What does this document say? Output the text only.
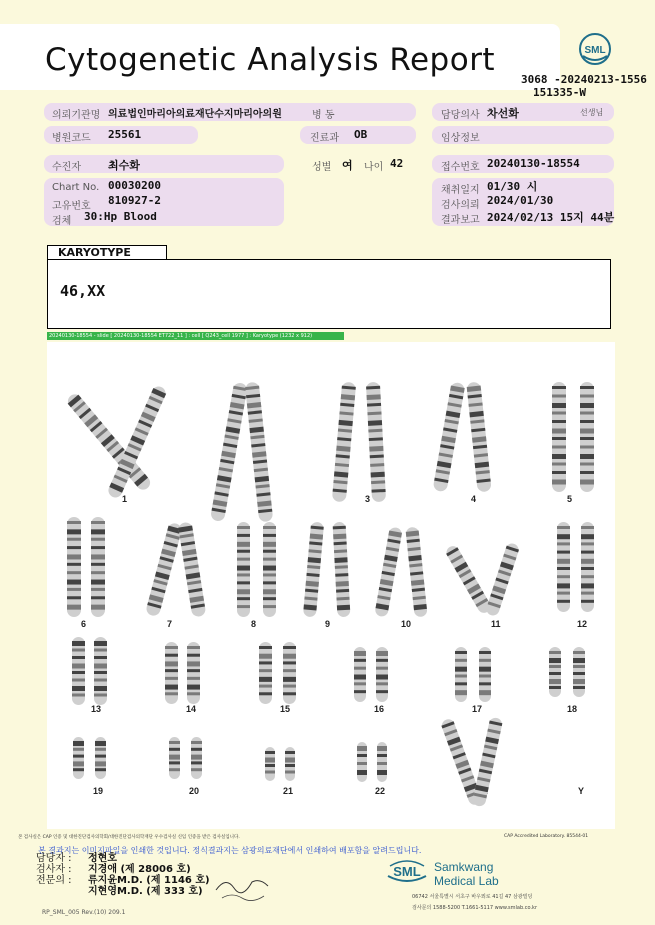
Cytogenetic Analysis Report	SML
3068 -20240213-1556
151335-W
의뢰기관명 의료법인마리아의료재단수지마리아의원	병 동	담당의사 차선화	선생님
병원코드 25561	진료과 OB	임상정보
수진자 최수화	성별 여 나이 42	접수번호 20240130-18554
Chart No. 00030200
고유번호 810927-2
검체 30:Hp Blood
채취일지 01/30 시
검사의뢰 2024/01/30
결과보고 2024/02/13 15지 44분
KARYOTYPE
46,XX
20240130-18554 - slide [ 20240130-18554 ET722_11 ] : cell [ Q243_cell 1977 ] : Karyotype (1232 x 912)
1	3	4	5
6	7	8	9	10	11	12
13	14	15	16	17	18
19	20	21	22	Y
본 검사실은 CAP 인증 및 대한진단검사의학회/대한진단검사의학재단 우수검사실 신임 인증을 받은 검사실입니다.	CAP Accredited Laboratory. 85544-01
본 결과지는 이미지파일을 인쇄한 것입니다. 정식결과지는 삼광의료재단에서 인쇄하여 배포함을 알려드립니다.
담당자 :	정현호
검사자 :	지경애 (제 28006 호)
전문의 :	류지윤M.D. (제 1146 호)
지현영M.D. (제 333 호)
SML Samkwang
Medical Lab
06742 서울특별시 서초구 바우뫼로 41길 47 삼광빌딩
검사문의 1588-5200 T.1661-5117 www.smlab.co.kr
RP_SML_005 Rev.(10) 209.1
